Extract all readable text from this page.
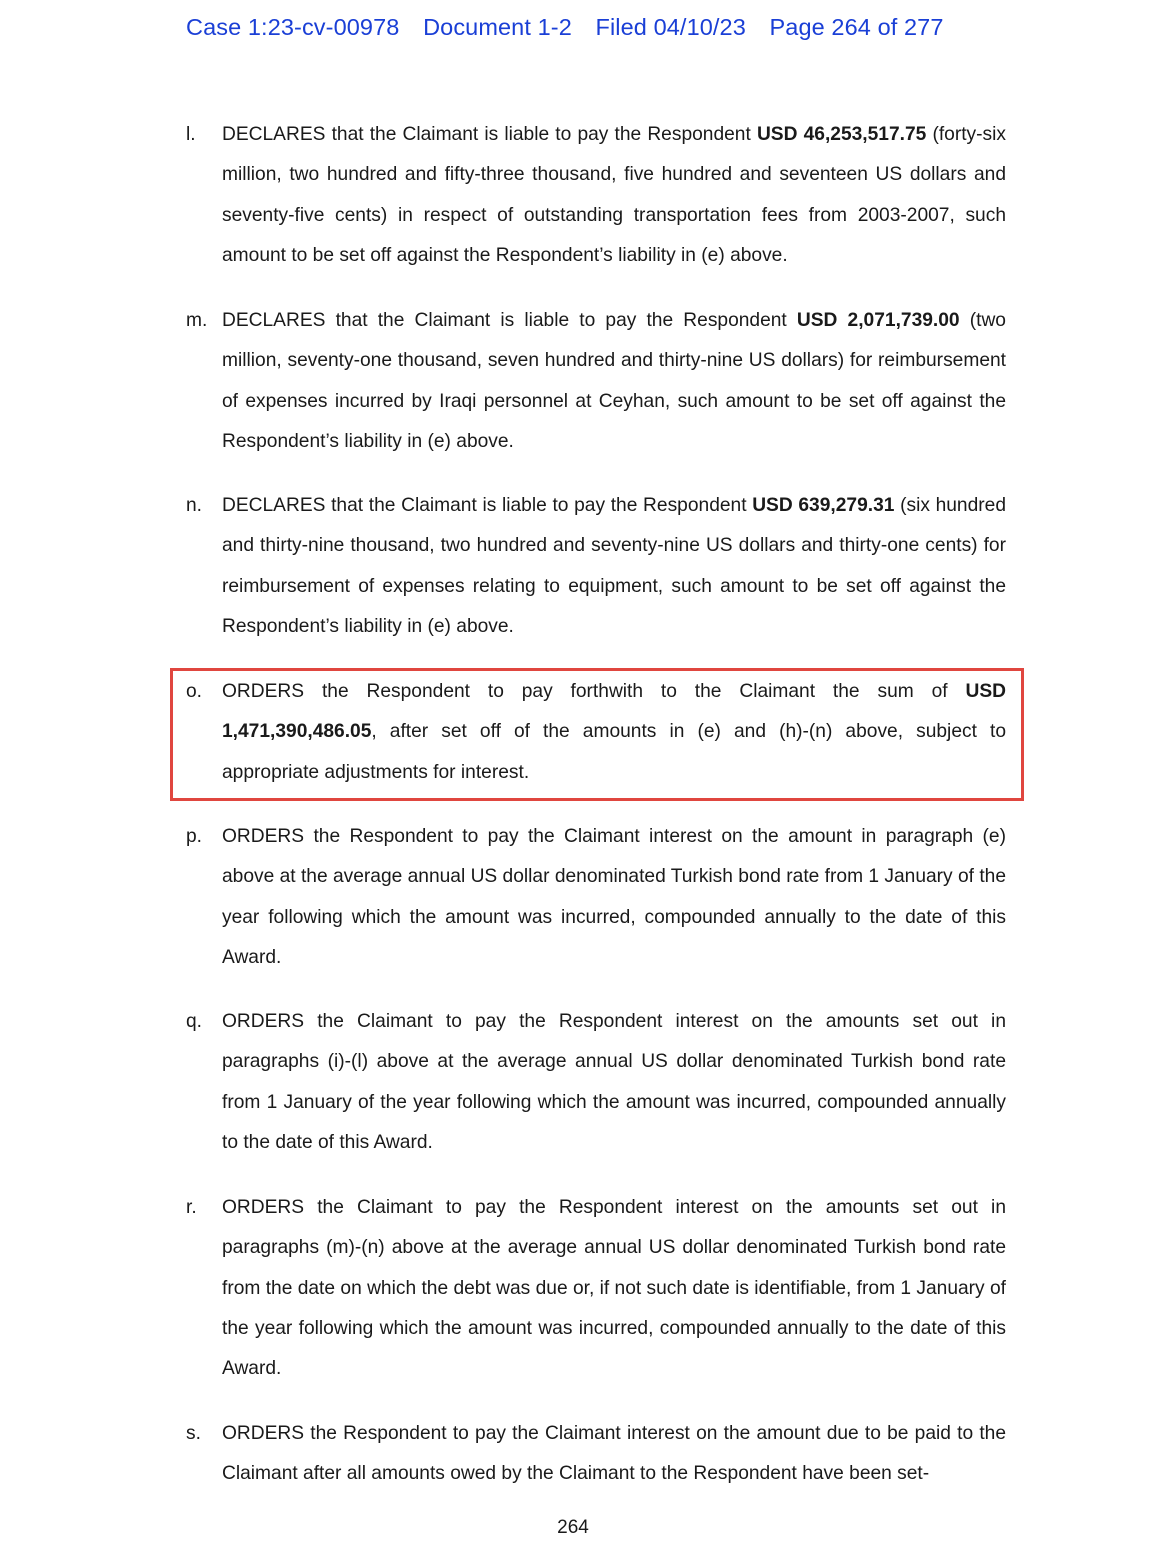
Case 1:23-cv-00978 Document 1-2 Filed 04/10/23 Page 264 of 277
l. DECLARES that the Claimant is liable to pay the Respondent USD 46,253,517.75 (forty-six million, two hundred and fifty-three thousand, five hundred and seventeen US dollars and seventy-five cents) in respect of outstanding transportation fees from 2003-2007, such amount to be set off against the Respondent’s liability in (e) above.
m. DECLARES that the Claimant is liable to pay the Respondent USD 2,071,739.00 (two million, seventy-one thousand, seven hundred and thirty-nine US dollars) for reimbursement of expenses incurred by Iraqi personnel at Ceyhan, such amount to be set off against the Respondent’s liability in (e) above.
n. DECLARES that the Claimant is liable to pay the Respondent USD 639,279.31 (six hundred and thirty-nine thousand, two hundred and seventy-nine US dollars and thirty-one cents) for reimbursement of expenses relating to equipment, such amount to be set off against the Respondent’s liability in (e) above.
o. ORDERS the Respondent to pay forthwith to the Claimant the sum of USD 1,471,390,486.05, after set off of the amounts in (e) and (h)-(n) above, subject to appropriate adjustments for interest.
p. ORDERS the Respondent to pay the Claimant interest on the amount in paragraph (e) above at the average annual US dollar denominated Turkish bond rate from 1 January of the year following which the amount was incurred, compounded annually to the date of this Award.
q. ORDERS the Claimant to pay the Respondent interest on the amounts set out in paragraphs (i)-(l) above at the average annual US dollar denominated Turkish bond rate from 1 January of the year following which the amount was incurred, compounded annually to the date of this Award.
r. ORDERS the Claimant to pay the Respondent interest on the amounts set out in paragraphs (m)-(n) above at the average annual US dollar denominated Turkish bond rate from the date on which the debt was due or, if not such date is identifiable, from 1 January of the year following which the amount was incurred, compounded annually to the date of this Award.
s. ORDERS the Respondent to pay the Claimant interest on the amount due to be paid to the Claimant after all amounts owed by the Claimant to the Respondent have been set-
264
